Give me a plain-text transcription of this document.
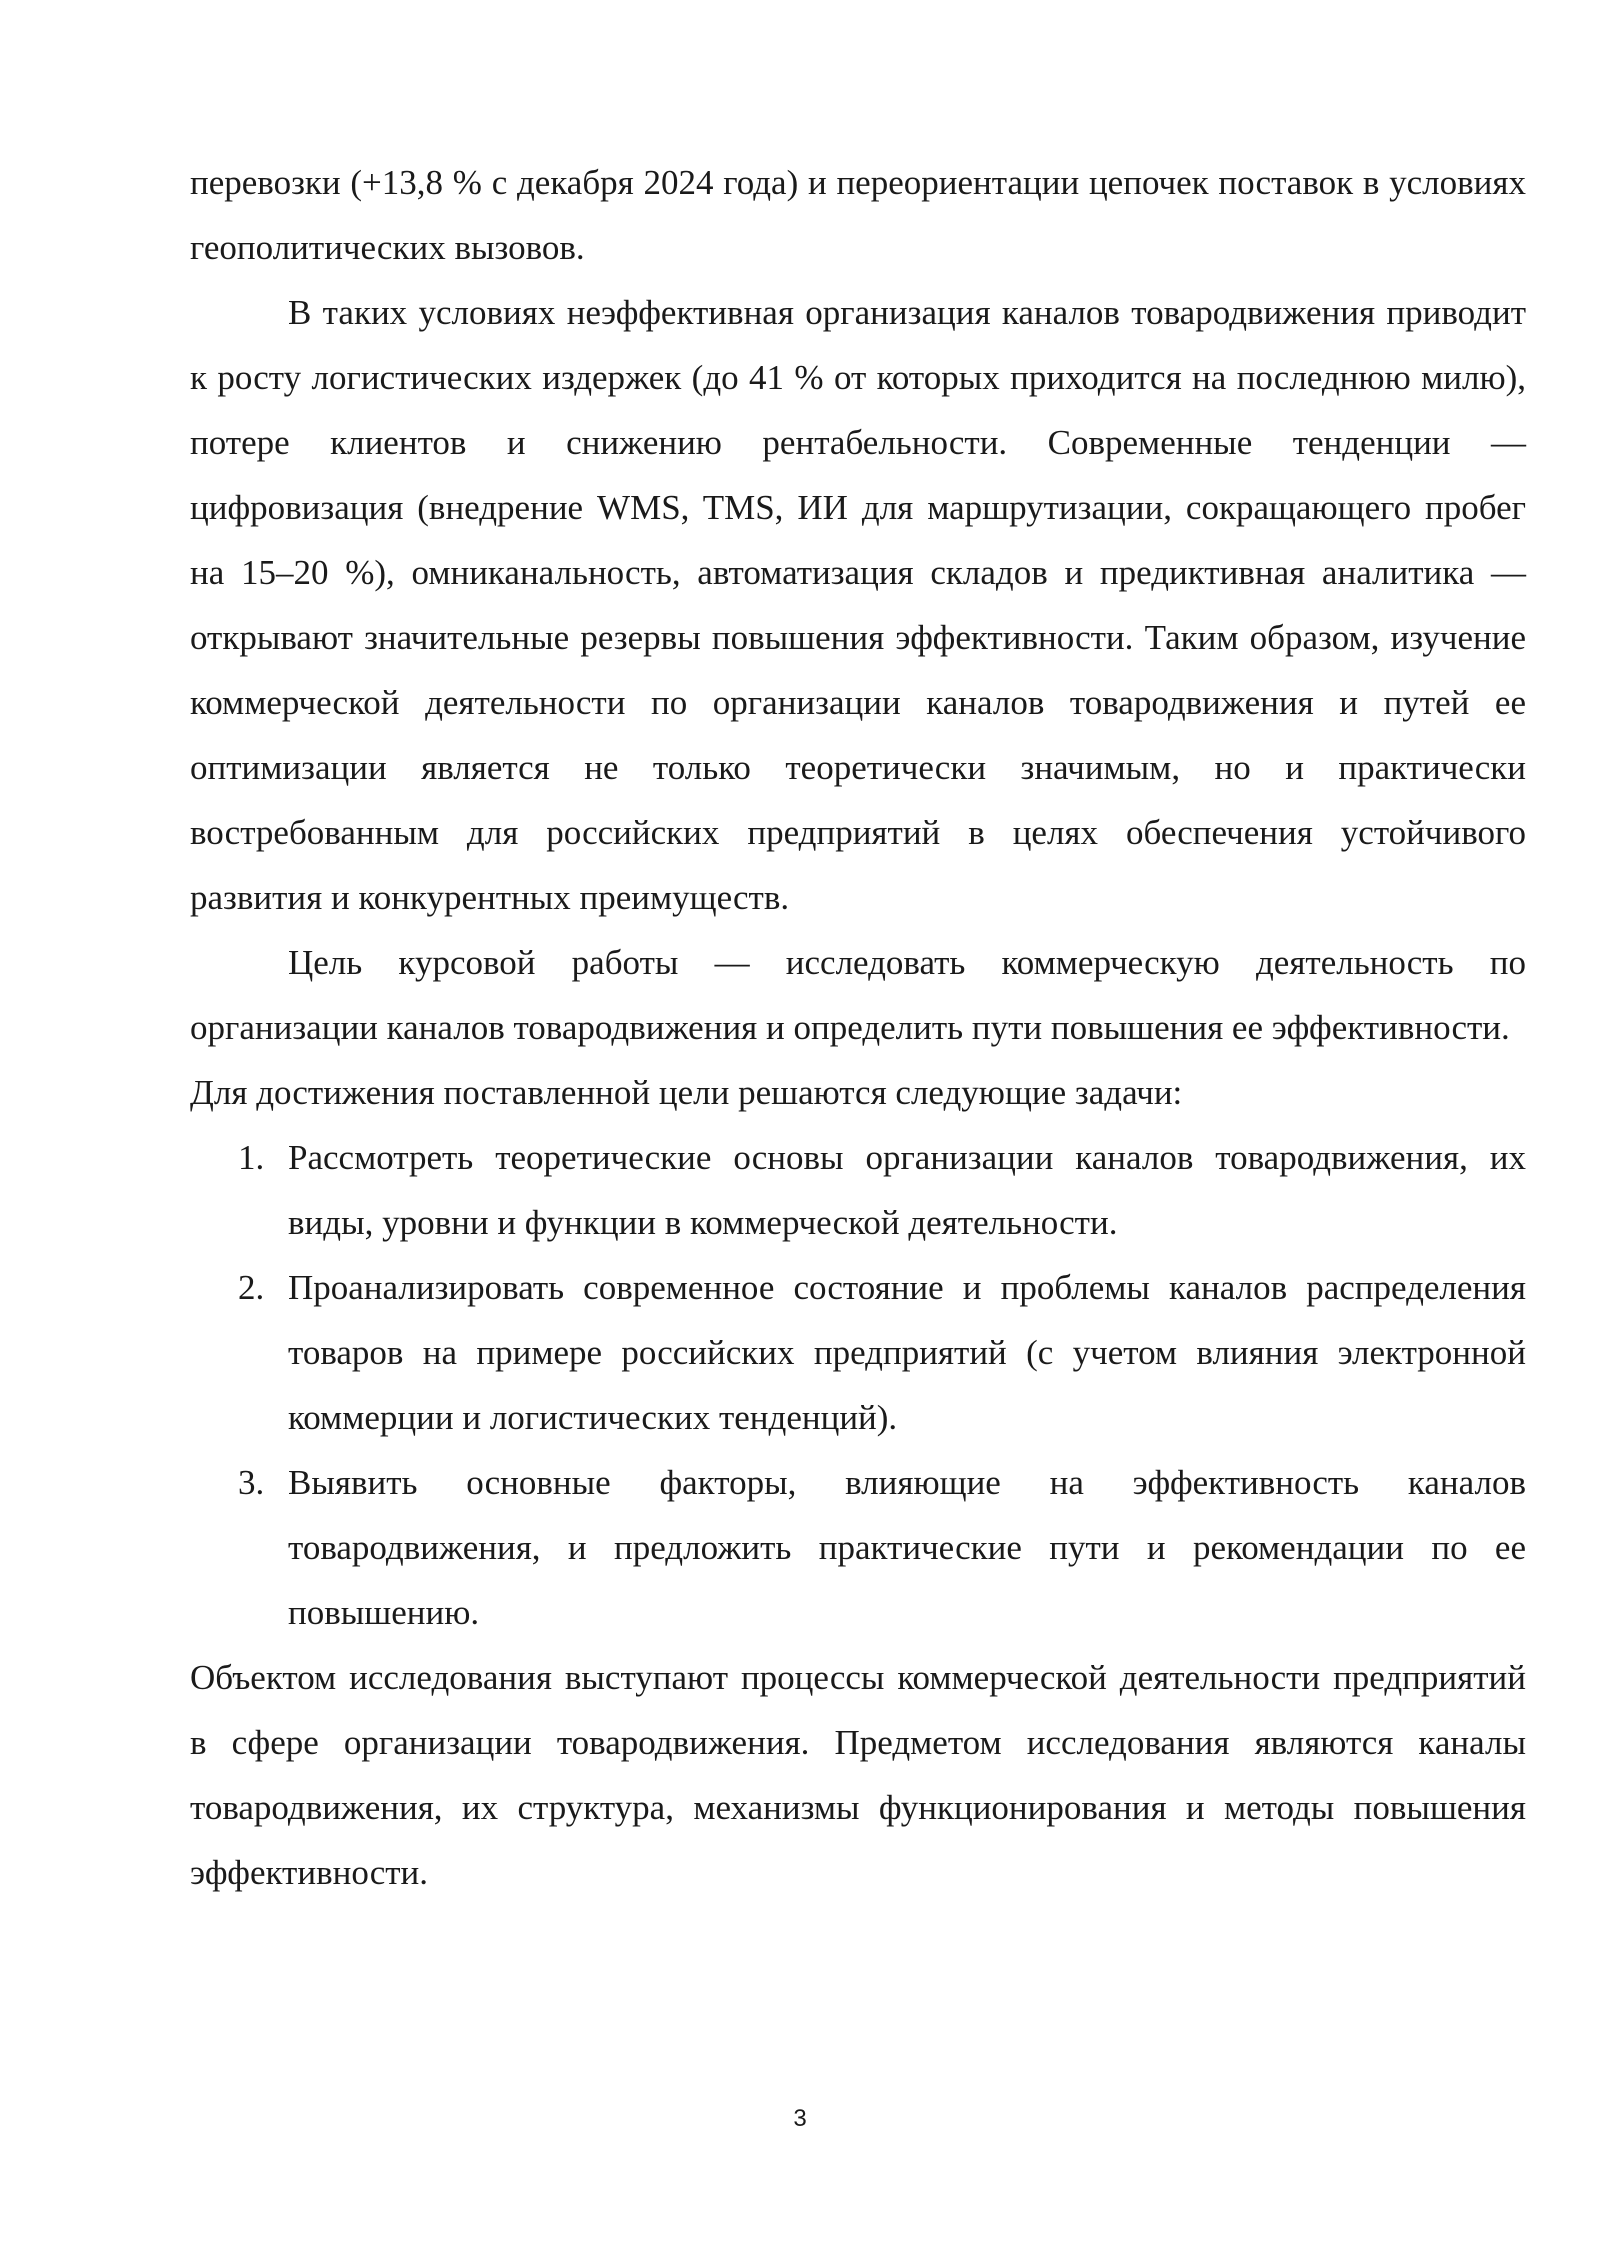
перевозки (+13,8 % с декабря 2024 года) и переориентации цепочек поставок в условиях геополитических вызовов.

В таких условиях неэффективная организация каналов товародвижения приводит к росту логистических издержек (до 41 % от которых приходится на последнюю милю), потере клиентов и снижению рентабельности. Современные тенденции — цифровизация (внедрение WMS, TMS, ИИ для маршрутизации, сокращающего пробег на 15–20 %), омниканальность, автоматизация складов и предиктивная аналитика — открывают значительные резервы повышения эффективности. Таким образом, изучение коммерческой деятельности по организации каналов товародвижения и путей ее оптимизации является не только теоретически значимым, но и практически востребованным для российских предприятий в целях обеспечения устойчивого развития и конкурентных преимуществ.

Цель курсовой работы — исследовать коммерческую деятельность по организации каналов товародвижения и определить пути повышения ее эффективности.

Для достижения поставленной цели решаются следующие задачи:

1. Рассмотреть теоретические основы организации каналов товародвижения, их виды, уровни и функции в коммерческой деятельности.
2. Проанализировать современное состояние и проблемы каналов распределения товаров на примере российских предприятий (с учетом влияния электронной коммерции и логистических тенденций).
3. Выявить основные факторы, влияющие на эффективность каналов товародвижения, и предложить практические пути и рекомендации по ее повышению.

Объектом исследования выступают процессы коммерческой деятельности предприятий в сфере организации товародвижения. Предметом исследования являются каналы товародвижения, их структура, механизмы функционирования и методы повышения эффективности.

3
